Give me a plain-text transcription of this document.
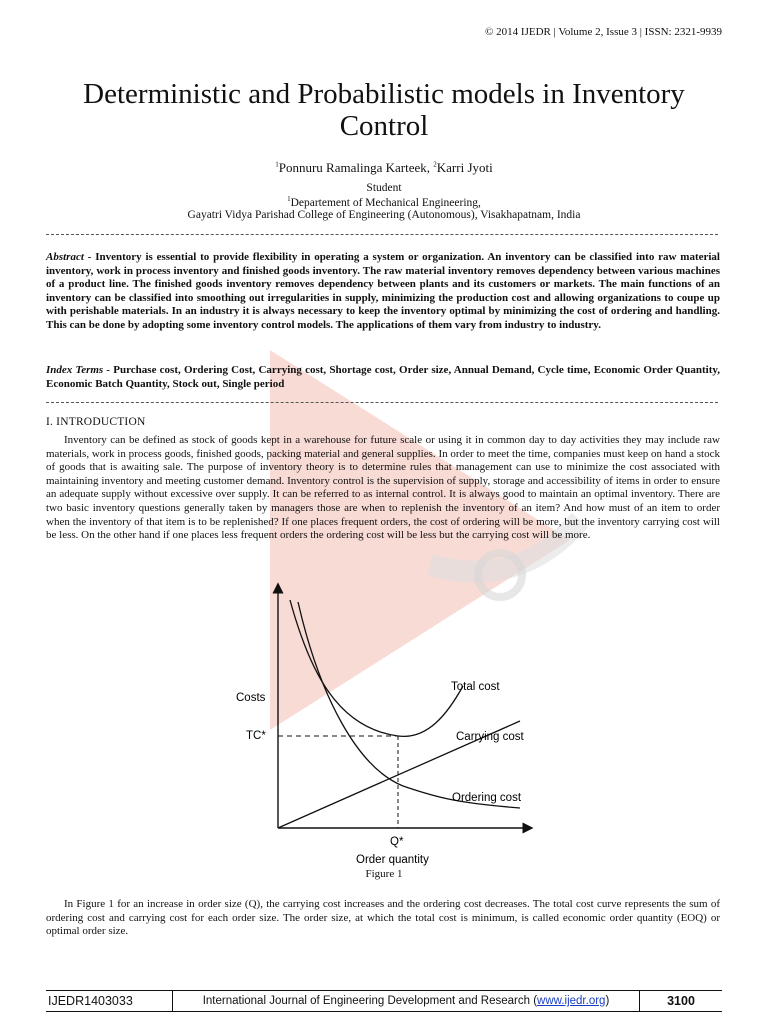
© 2014 IJEDR | Volume 2, Issue 3 | ISSN: 2321-9939
Deterministic and Probabilistic models in Inventory
Control
$^1$Ponnuru Ramalinga Karteek, $^2$Karri Jyoti
Student
$^1$Departement of Mechanical Engineering,
Gayatri Vidya Parishad College of Engineering (Autonomous), Visakhapatnam, India
Abstract - Inventory is essential to provide flexibility in operating a system or organization. An inventory can be classified into raw material inventory, work in process inventory and finished goods inventory. The raw material inventory removes dependency between various machines of a product line. The finished goods inventory removes dependency between plants and its customers or markets. The main functions of an inventory can be classified into smoothing out irregularities in supply, minimizing the production cost and allowing organizations to coupe up with perishable materials. In an industry it is always necessary to keep the inventory optimal by minimizing the cost of ordering and handling. This can be done by adopting some inventory control models. The applications of them vary from industry to industry.
Index Terms - Purchase cost, Ordering Cost, Carrying cost, Shortage cost, Order size, Annual Demand, Cycle time, Economic Order Quantity, Economic Batch Quantity, Stock out, Single period
I. INTRODUCTION
Inventory can be defined as stock of goods kept in a warehouse for future scale or using it in common day to day activities they may include raw materials, work in process goods, finished goods, packing material and general supplies. In order to meet the time, companies must keep on hand a stock of goods that is awaiting sale. The purpose of inventory theory is to determine rules that management can use to minimize the cost associated with maintaining inventory and meeting customer demand. Inventory control is the supervision of supply, storage and accessibility of items in order to ensure an adequate supply without excessive over supply. It can be referred to as internal control. It is always good to maintain an optimal inventory. There are two basic inventory questions generally taken by managers those are when to replenish the inventory of an item? And how must of an item to order when the inventory of that item is to be replenished? If one places frequent orders, the cost of ordering will be more, but the inventory carrying cost will be less. On the other hand if one places less frequent orders the ordering cost will be less but the carrying cost will be more.
Costs
TC*
Q*
Order quantity
Total cost
Carrying cost
Ordering cost
Figure 1
In Figure 1 for an increase in order size (Q), the carrying cost increases and the ordering cost decreases. The total cost curve represents the sum of ordering cost and carrying cost for each order size. The order size, at which the total cost is minimum, is called economic order quantity (EOQ) or optimal order size.
IJEDR1403033	International Journal of Engineering Development and Research (www.ijedr.org)	3100
